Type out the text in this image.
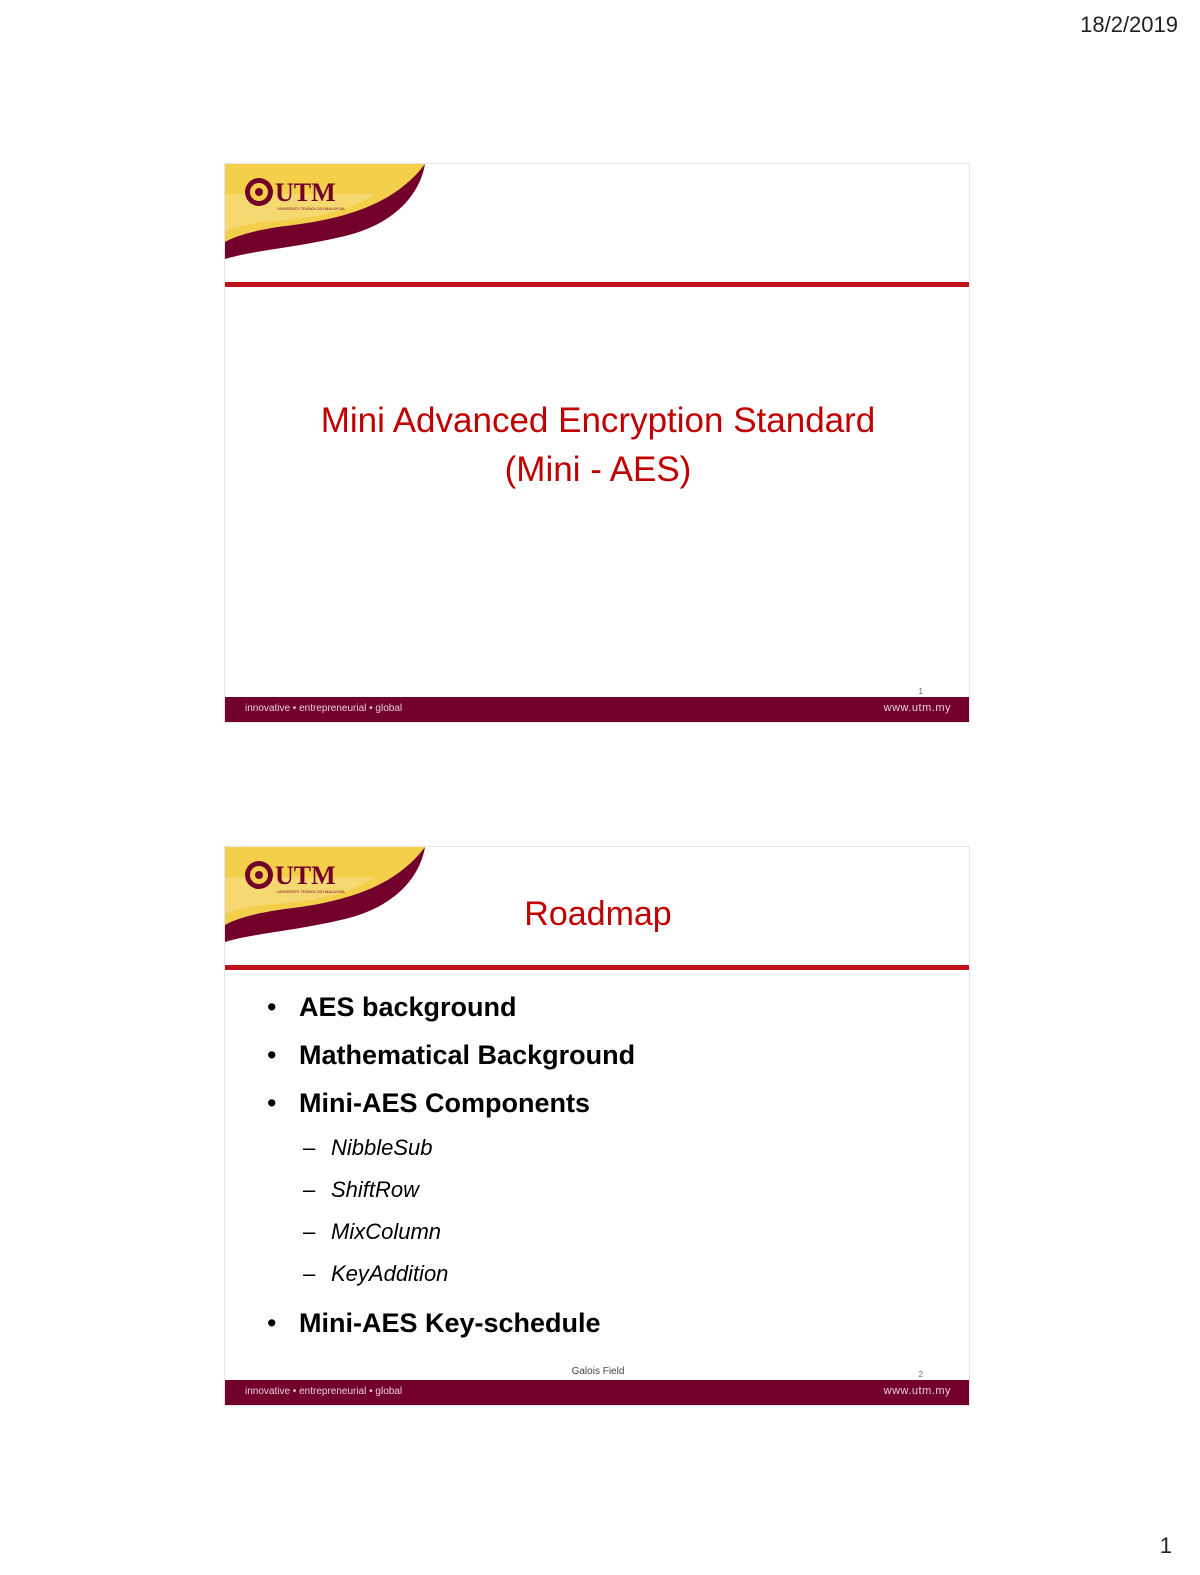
18/2/2019
UTM
UNIVERSITI TEKNOLOGI MALAYSIA
Mini Advanced Encryption Standard
(Mini - AES)
1
innovative • entrepreneurial • global	www.utm.my
UTM
UNIVERSITI TEKNOLOGI MALAYSIA
Roadmap
• AES background
• Mathematical Background
• Mini-AES Components
– NibbleSub
– ShiftRow
– MixColumn
– KeyAddition
• Mini-AES Key-schedule
Galois Field	2
innovative • entrepreneurial • global	www.utm.my
1
